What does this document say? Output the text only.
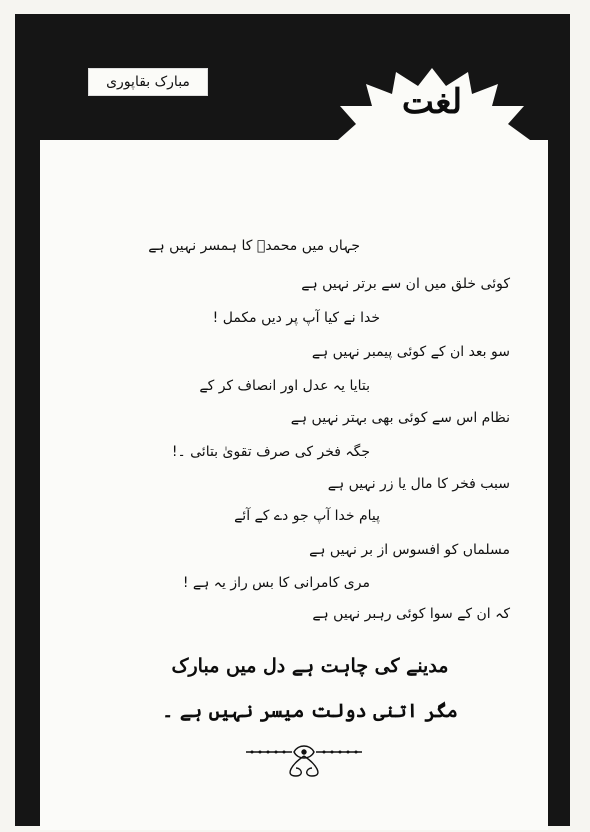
مبارک بقاپوری	لغت
جہاں میں محمدؐ کا ہمسر نہیں ہے
کوئی خلق میں ان سے برتر نہیں ہے
خدا نے کیا آپ پر دیں مکمل !
سو بعد ان کے کوئی پیمبر نہیں ہے
بتایا یہ عدل اور انصاف کر کے
نظام اس سے کوئی بھی بہتر نہیں ہے
جگہ فخر کی صرف تقویٰ بتائی ۔!
سبب فخر کا مال یا زر نہیں ہے
پیام خدا آپ جو دے کے آئے
مسلماں کو افسوس از بر نہیں ہے
مری کامرانی کا بس راز یہ ہے !
کہ ان کے سوا کوئی رہبر نہیں ہے
مدینے کی چاہت ہے دل میں مبارک
مگر اتنی دولت میسر نہیں ہے ۔
